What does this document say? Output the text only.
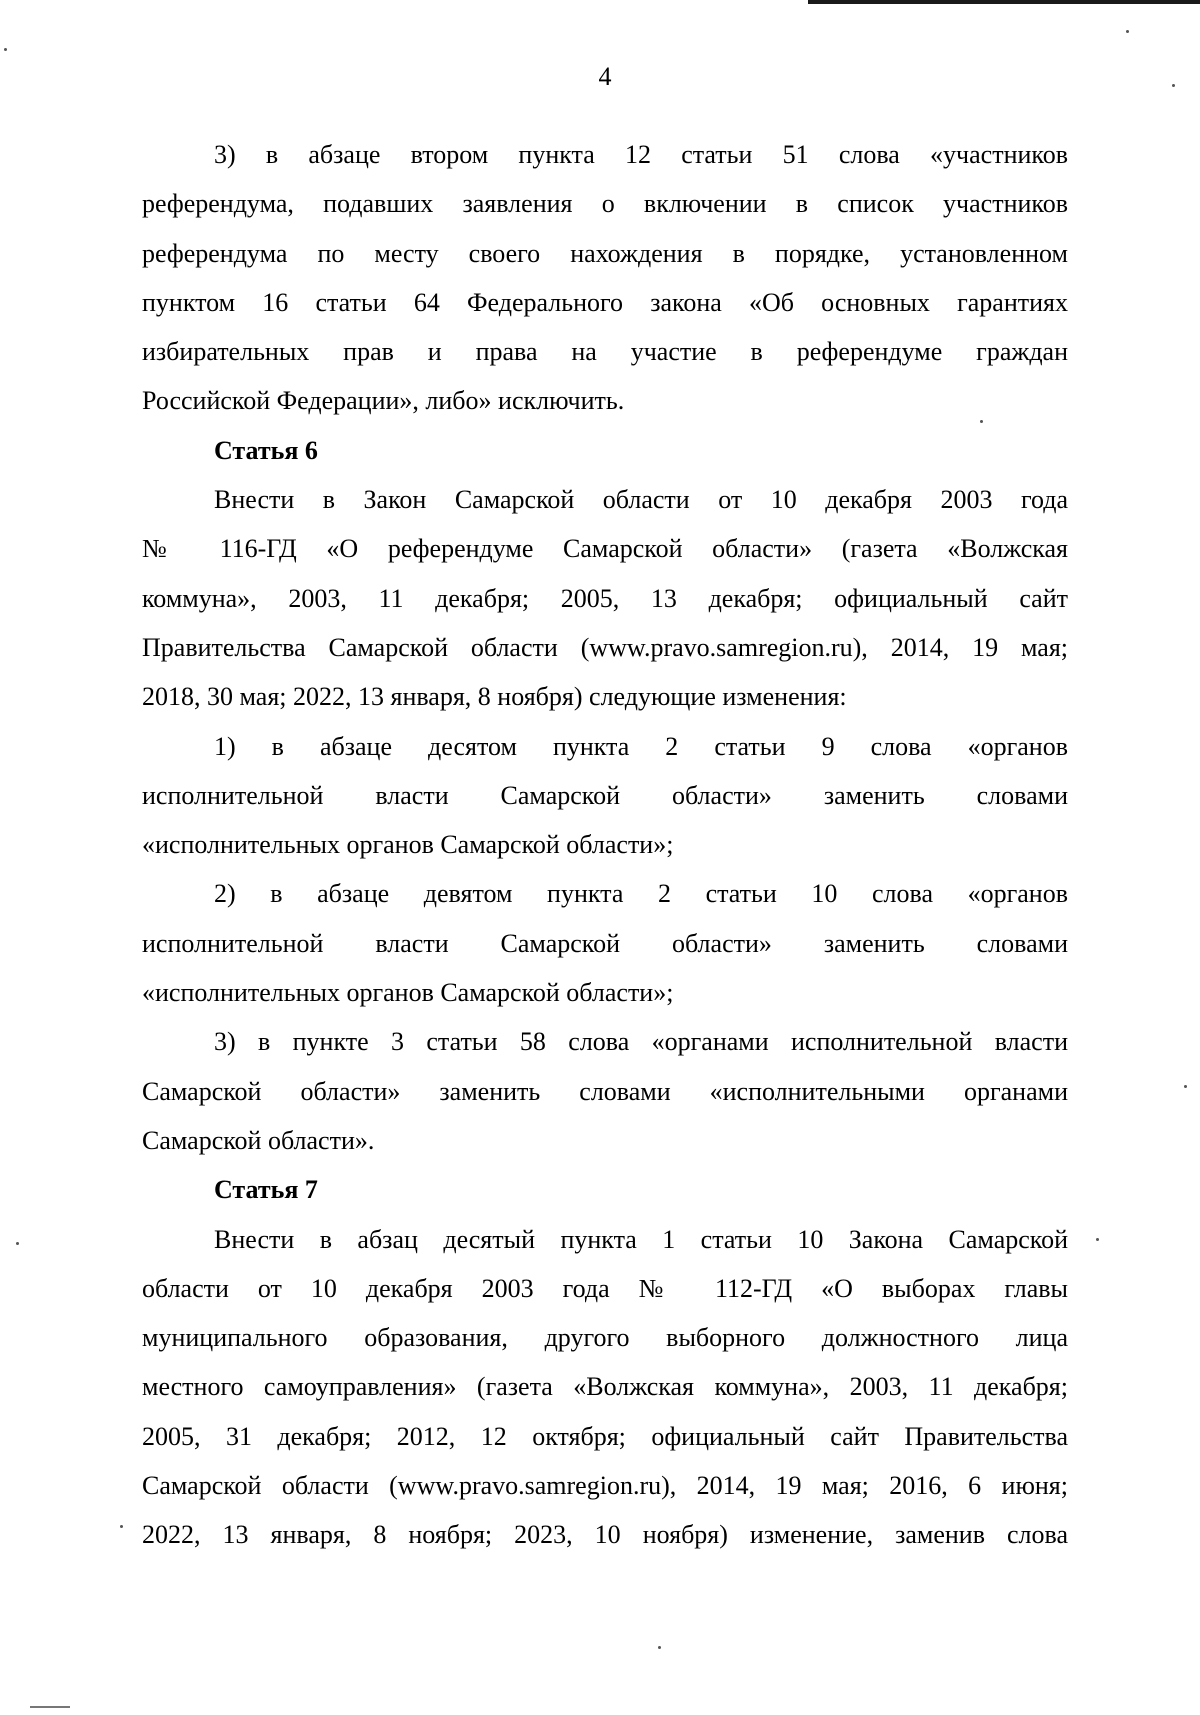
4
3) в абзаце втором пункта 12 статьи 51 слова «участников
референдума, подавших заявления о включении в список участников
референдума по месту своего нахождения в порядке, установленном
пунктом 16 статьи 64 Федерального закона «Об основных гарантиях
избирательных прав и права на участие в референдуме граждан
Российской Федерации», либо» исключить.
Статья 6
Внести в Закон Самарской области от 10 декабря 2003 года
№ 116-ГД «О референдуме Самарской области» (газета «Волжская
коммуна», 2003, 11 декабря; 2005, 13 декабря; официальный сайт
Правительства Самарской области (www.pravo.samregion.ru), 2014, 19 мая;
2018, 30 мая; 2022, 13 января, 8 ноября) следующие изменения:
1) в абзаце десятом пункта 2 статьи 9 слова «органов
исполнительной власти Самарской области» заменить словами
«исполнительных органов Самарской области»;
2) в абзаце девятом пункта 2 статьи 10 слова «органов
исполнительной власти Самарской области» заменить словами
«исполнительных органов Самарской области»;
3) в пункте 3 статьи 58 слова «органами исполнительной власти
Самарской области» заменить словами «исполнительными органами
Самарской области».
Статья 7
Внести в абзац десятый пункта 1 статьи 10 Закона Самарской
области от 10 декабря 2003 года № 112-ГД «О выборах главы
муниципального образования, другого выборного должностного лица
местного самоуправления» (газета «Волжская коммуна», 2003, 11 декабря;
2005, 31 декабря; 2012, 12 октября; официальный сайт Правительства
Самарской области (www.pravo.samregion.ru), 2014, 19 мая; 2016, 6 июня;
2022, 13 января, 8 ноября; 2023, 10 ноября) изменение, заменив слова
